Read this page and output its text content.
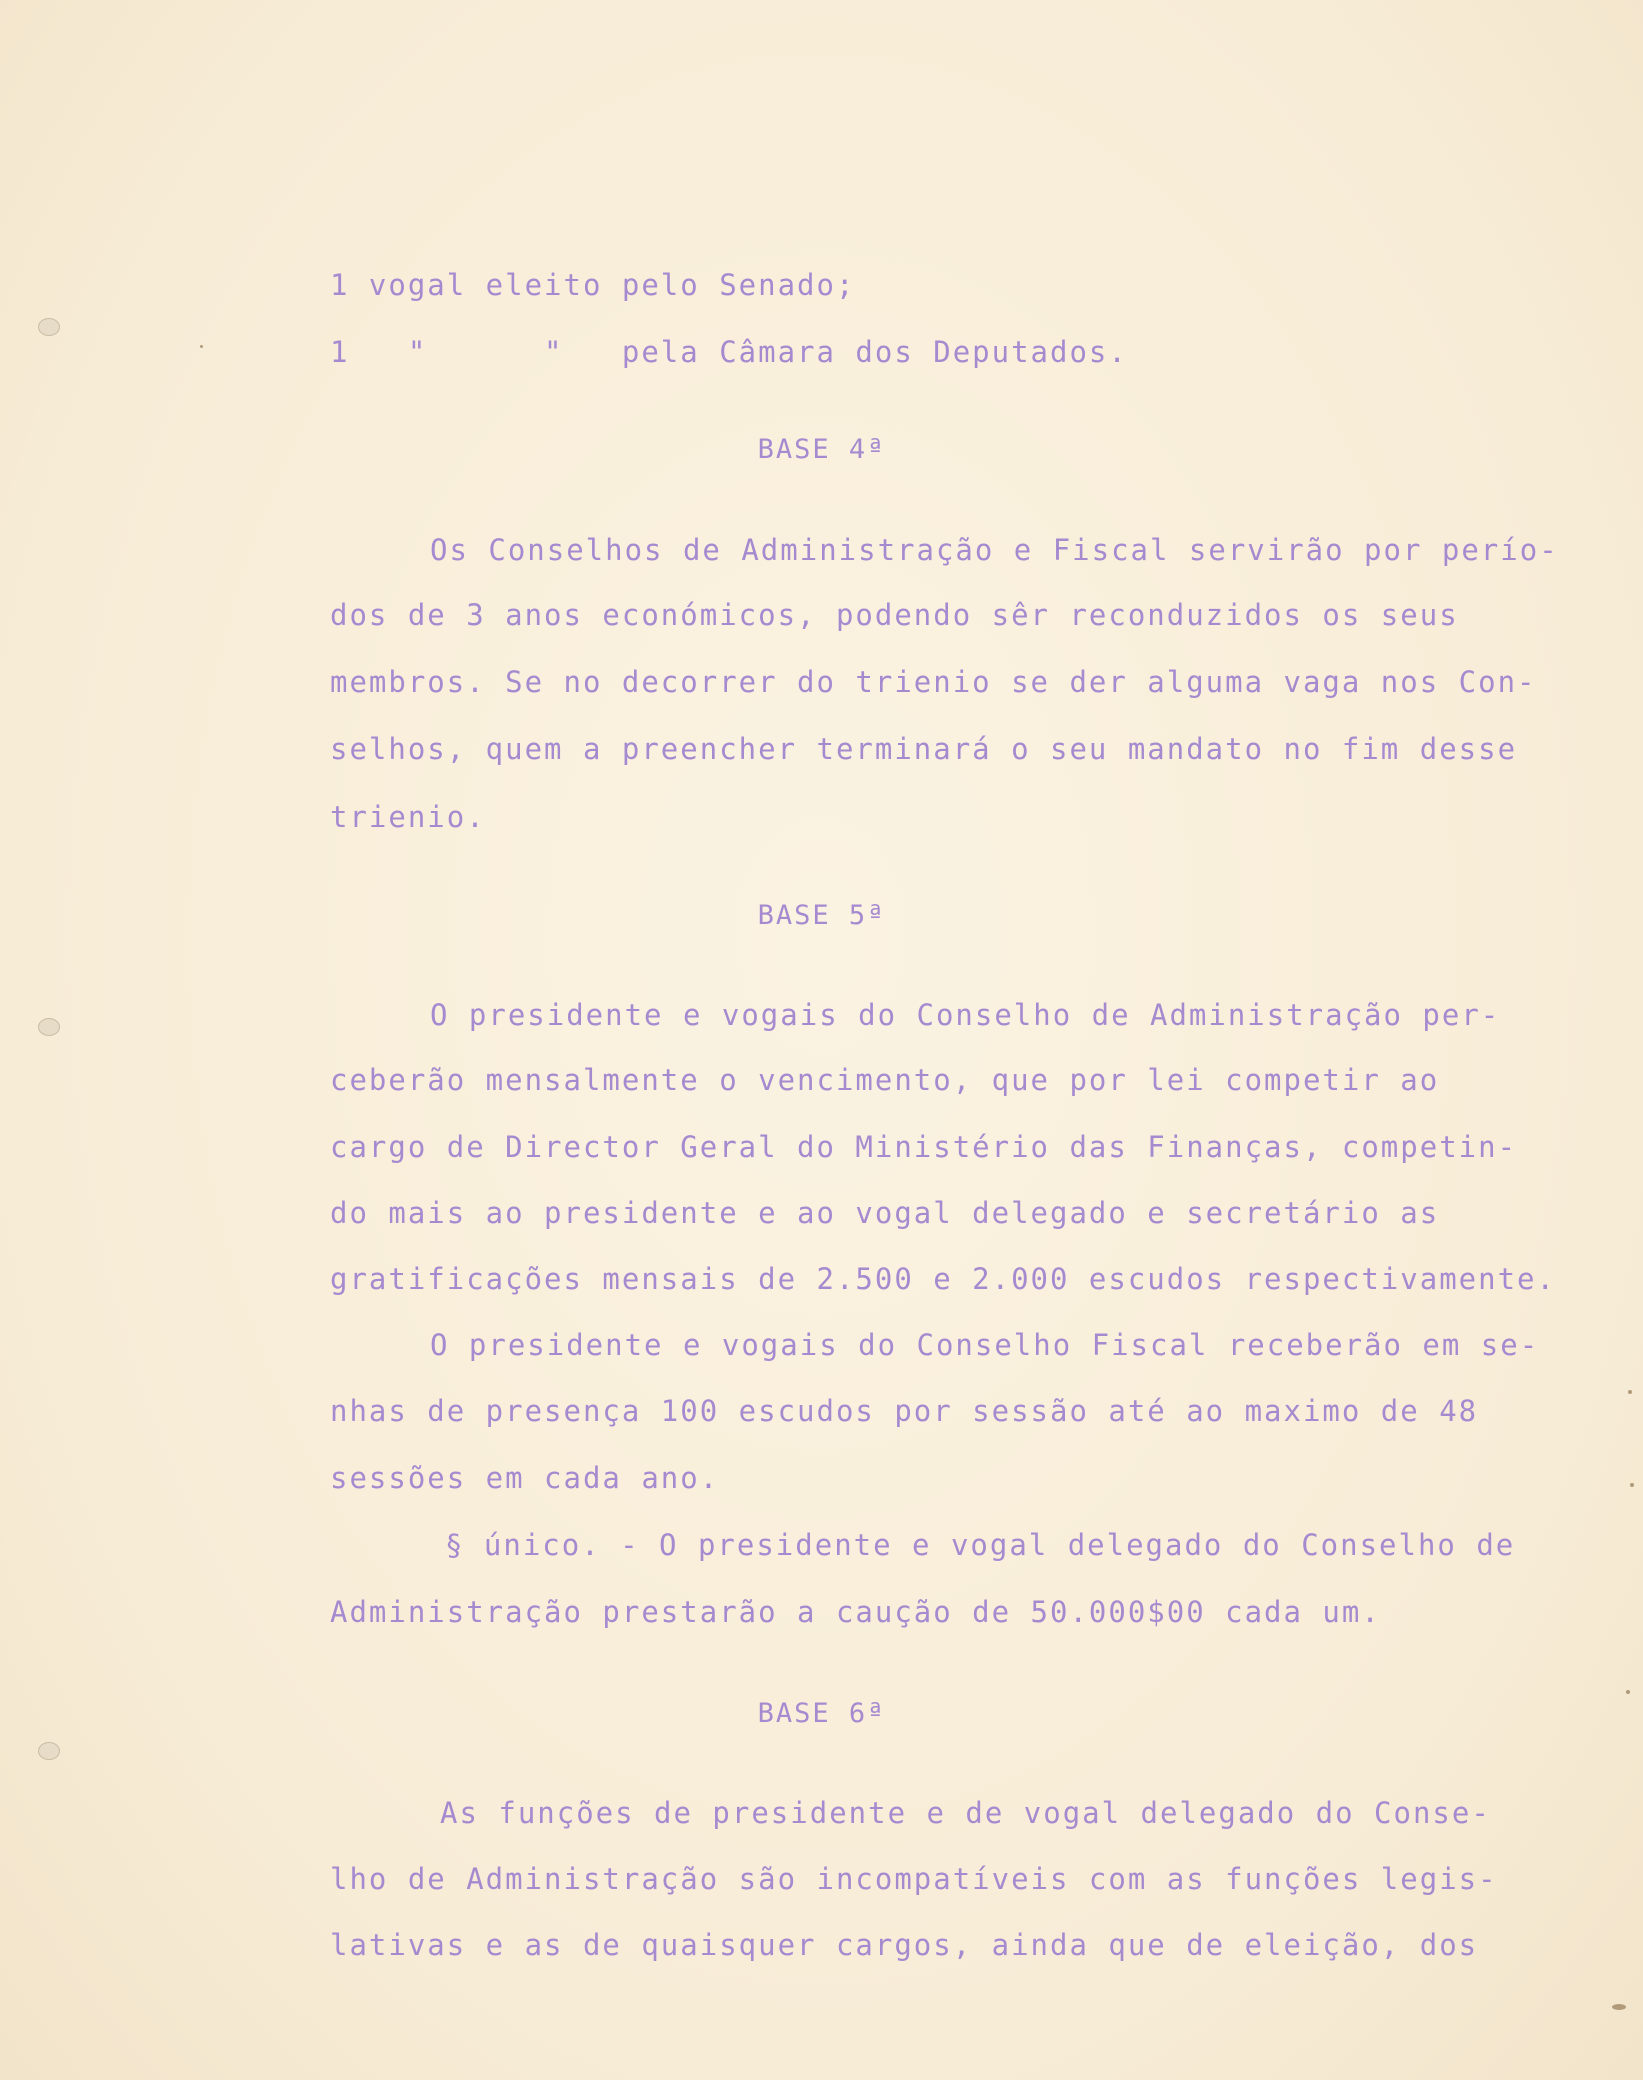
1 vogal eleito pelo Senado;
1   "      "   pela Câmara dos Deputados.
BASE 4ª
Os Conselhos de Administração e Fiscal servirão por perío-
dos de 3 anos económicos, podendo sêr reconduzidos os seus
membros. Se no decorrer do trienio se der alguma vaga nos Con-
selhos, quem a preencher terminará o seu mandato no fim desse
trienio.
BASE 5ª
O presidente e vogais do Conselho de Administração per-
ceberão mensalmente o vencimento, que por lei competir ao
cargo de Director Geral do Ministério das Finanças, competin-
do mais ao presidente e ao vogal delegado e secretário as
gratificações mensais de 2.500 e 2.000 escudos respectivamente.
O presidente e vogais do Conselho Fiscal receberão em se-
nhas de presença 100 escudos por sessão até ao maximo de 48
sessões em cada ano.
§ único. - O presidente e vogal delegado do Conselho de
Administração prestarão a caução de 50.000$00 cada um.
BASE 6ª
As funções de presidente e de vogal delegado do Conse-
lho de Administração são incompatíveis com as funções legis-
lativas e as de quaisquer cargos, ainda que de eleição, dos
